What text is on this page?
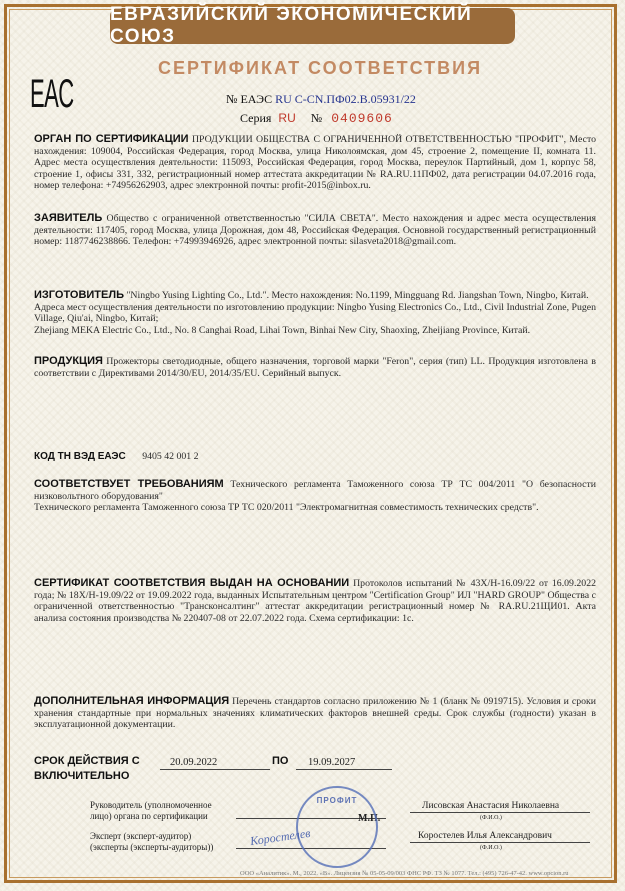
ЕВРАЗИЙСКИЙ ЭКОНОМИЧЕСКИЙ СОЮЗ
СЕРТИФИКАТ СООТВЕТСТВИЯ
EAC	№ ЕАЭС RU C-CN.ПФ02.В.05931/22
Серия RU № 0409606
ОРГАН ПО СЕРТИФИКАЦИИ ПРОДУКЦИИ ОБЩЕСТВА С ОГРАНИЧЕННОЙ ОТВЕТСТВЕННОСТЬЮ "ПРОФИТ", Место нахождения: 109004, Российская Федерация, город Москва, улица Николоямская, дом 45, строение 2, помещение II, комната 11. Адрес места осуществления деятельности: 115093, Российская Федерация, город Москва, переулок Партийный, дом 1, корпус 58, строение 1, офисы 331, 332, регистрационный номер аттестата аккредитации № RA.RU.11ПФ02, дата регистрации 04.07.2016 года, номер телефона: +74956262903, адрес электронной почты: profit-2015@inbox.ru.
ЗАЯВИТЕЛЬ Общество с ограниченной ответственностью "СИЛА СВЕТА". Место нахождения и адрес места осуществления деятельности: 117405, город Москва, улица Дорожная, дом 48, Российская Федерация. Основной государственный регистрационный номер: 1187746238866. Телефон: +74993946926, адрес электронной почты: silasveta2018@gmail.com.
ИЗГОТОВИТЕЛЬ "Ningbo Yusing Lighting Co., Ltd.". Место нахождения: No.1199, Mingguang Rd. Jiangshan Town, Ningbo, Китай.
Адреса мест осуществления деятельности по изготовлению продукции: Ningbo Yusing Electronics Co., Ltd., Civil Industrial Zone, Pugen Village, Qiu'ai, Ningbo, Китай;
Zhejiang MEKA Electric Co., Ltd., No. 8 Canghai Road, Lihai Town, Binhai New City, Shaoxing, Zheijiang Province, Китай.
ПРОДУКЦИЯ Прожекторы светодиодные, общего назначения, торговой марки "Feron", серия (тип) LL. Продукция изготовлена в соответствии с Директивами 2014/30/EU, 2014/35/EU. Серийный выпуск.
КОД ТН ВЭД ЕАЭС 9405 42 001 2
СООТВЕТСТВУЕТ ТРЕБОВАНИЯМ Технического регламента Таможенного союза ТР ТС 004/2011 "О безопасности низковольтного оборудования"
Технического регламента Таможенного союза ТР ТС 020/2011 "Электромагнитная совместимость технических средств".
СЕРТИФИКАТ СООТВЕТСТВИЯ ВЫДАН НА ОСНОВАНИИ Протоколов испытаний № 43Х/Н-16.09/22 от 16.09.2022 года; № 18Х/Н-19.09/22 от 19.09.2022 года, выданных Испытательным центром "Certification Group" ИЛ "HARD GROUP" Общества с ограниченной ответственностью "Трансконсалтинг" аттестат аккредитации регистрационный номер № RA.RU.21ЩИ01. Акта анализа состояния производства № 220407-08 от 22.07.2022 года. Схема сертификации: 1с.
ДОПОЛНИТЕЛЬНАЯ ИНФОРМАЦИЯ Перечень стандартов согласно приложению № 1 (бланк № 0919715). Условия и сроки хранения стандартные при нормальных значениях климатических факторов внешней среды. Срок службы (годности) указан в эксплуатационной документации.
СРОК ДЕЙСТВИЯ С	20.09.2022	ПО 19.09.2027
ВКЛЮЧИТЕЛЬНО
Руководитель (уполномоченное
лицо) органа по сертификации
Лисовская Анастасия Николаевна
(Ф.И.О.)
М.П.
Эксперт (эксперт-аудитор)
(эксперты (эксперты-аудиторы))
Коростелев Илья Александрович
(Ф.И.О.)
ПРОФИТ
Коростелев
ООО «Аналитик». М., 2022. «В». Лицензия № 05-05-09/003 ФНС РФ. ТЗ № 1077. Тел.: (495) 726-47-42. www.opcion.ru
